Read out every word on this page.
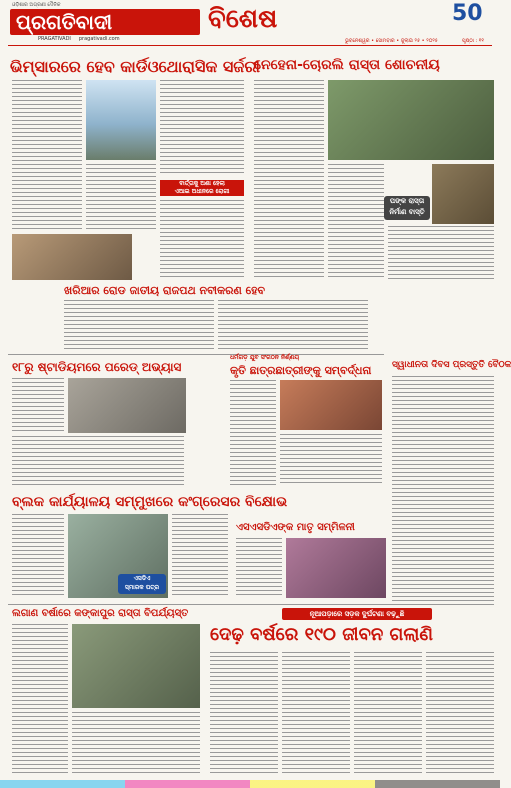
ଓଡ଼ିଶାର ଅଗ୍ରଣୀ ଦୈନିକ
ପ୍ରଗତିବାଦୀ
PRAGATIVADI     pragativadi.com
ବିଶେଷ	50
ଭୁବନେଶ୍ୱର • ସୋମବାର • ଜୁଲାଇ ୨୫ • ୨୦୨୫	ପୃଷ୍ଠା : ୧୧
ଭିମ୍ସାରରେ ହେବ କାର୍ଡିଓଥୋରାସିକ ସର୍ଜରୀ
ବାର୍ତ୍ତାକୁ ଅଣା ହେଲା
ଏଆଇ ଅଧୀନରେ ରୋଗୀ
ନେହେନା-ଚୋରଲି ରାସ୍ତା ଶୋଚନୀୟ
ପଙ୍କ ରାସ୍ତା
ନିର୍ମାଣ ବାସ୍ତି
ଖରିଆର ରୋଡ ଜାତୀୟ ରାଜପଥ ନବୀକରଣ ହେବ
୧୮ରୁ ଷ୍ଟାଡିୟମରେ ପରେଡ୍ ଅଭ୍ୟାସ
ଧର୍ମଗଡ଼ ଯୁବ ସଂଗଠନ ନିର୍ଣ୍ଣୟ
କୃତି ଛାତ୍ରଛାତ୍ରୀଙ୍କୁ ସମ୍ବର୍ଦ୍ଧନା	ସ୍ୱାଧୀନତା ଦିବସ ପ୍ରସ୍ତୁତି ବୈଠକ
ବ୍ଲକ କାର୍ଯ୍ୟାଳୟ ସମ୍ମୁଖରେ କଂଗ୍ରେସର ବିକ୍ଷୋଭ
ଏସଡିଏ
ସ୍ମାରକ ପତ୍ର
ଏସଏସଡିଏଙ୍କ ମାତୃ ସମ୍ମିଳନୀ
ଲଗାଣ ବର୍ଷାରେ କଙ୍କାପୁର ରାସ୍ତା ବିପର୍ଯ୍ୟସ୍ତ	ନୂଆପଡ଼ାରେ ସଡ଼କ ଦୁର୍ଘଟଣା ବଢ଼ୁଛି
ଦେଢ଼ ବର୍ଷରେ ୧୯୦ ଜୀବନ ଗଲାଣି
